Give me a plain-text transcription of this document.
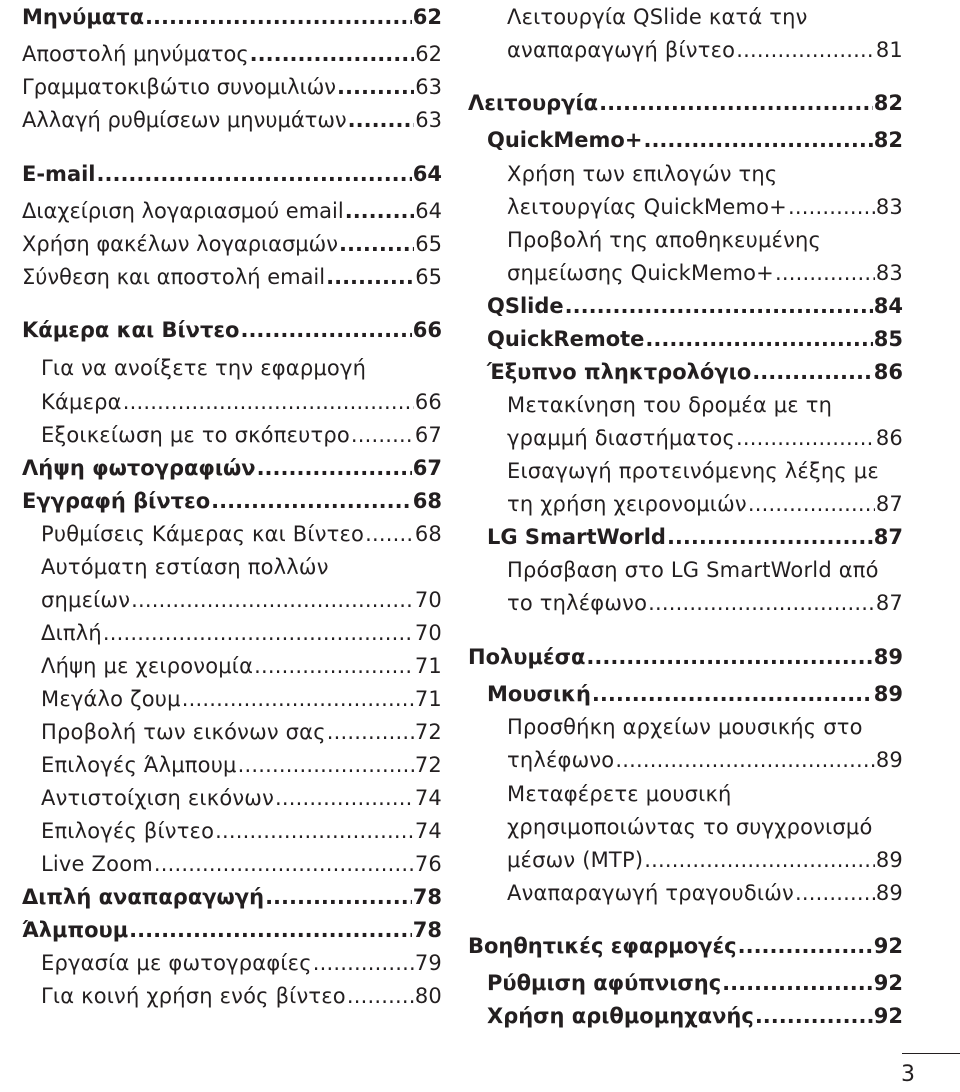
Μηνύματα .....	62
Αποστολή μηνύματος .....	62
Γραμματοκιβώτιο συνομιλιών .....	63
Αλλαγή ρυθμίσεων μηνυμάτων .....	63
E-mail .....	64
Διαχείριση λογαριασμού email .....	64
Χρήση φακέλων λογαριασμών .....	65
Σύνθεση και αποστολή email .....	65
Κάμερα και Βίντεο .....	66
Για να ανοίξετε την εφαρμογή
Κάμερα .....	66
Εξοικείωση με το σκόπευτρο .....	67
Λήψη φωτογραφιών .....	67
Εγγραφή βίντεο .....	68
Ρυθμίσεις Κάμερας και Βίντεο ..... 68
Αυτόματη εστίαση πολλών
σημείων .....	70
Διπλή .....	70
Λήψη με χειρονομία .....	71
Μεγάλο ζουμ .....	71
Προβολή των εικόνων σας .....	72
Επιλογές Άλμπουμ .....	72
Αντιστοίχιση εικόνων .....	74
Επιλογές βίντεο .....	74
Live Zoom .....	76
Διπλή αναπαραγωγή .....	78
Άλμπουμ .....	78
Εργασία με φωτογραφίες .....	79
Για κοινή χρήση ενός βίντεο .....	80
Λειτουργία QSlide κατά την
αναπαραγωγή βίντεο .....	81
Λειτουργία .....	82
QuickMemo+ .....	82
Χρήση των επιλογών της
λειτουργίας QuickMemo+ .....	83
Προβολή της αποθηκευμένης
σημείωσης QuickMemo+ .....	83
QSlide .....	84
QuickRemote .....	85
Έξυπνο πληκτρολόγιο .....	86
Μετακίνηση του δρομέα με τη
γραμμή διαστήματος .....	86
Εισαγωγή προτεινόμενης λέξης με
τη χρήση χειρονομιών .....	87
LG SmartWorld .....	87
Πρόσβαση στο LG SmartWorld από
το τηλέφωνο .....	87
Πολυμέσα .....	89
Μουσική .....	89
Προσθήκη αρχείων μουσικής στο
τηλέφωνο .....	89
Μεταφέρετε μουσική
χρησιμοποιώντας το συγχρονισμό
μέσων (MTP) .....	89
Αναπαραγωγή τραγουδιών .....	89
Βοηθητικές εφαρμογές .....	92
Ρύθμιση αφύπνισης .....	92
Χρήση αριθμομηχανής .....	92
3
